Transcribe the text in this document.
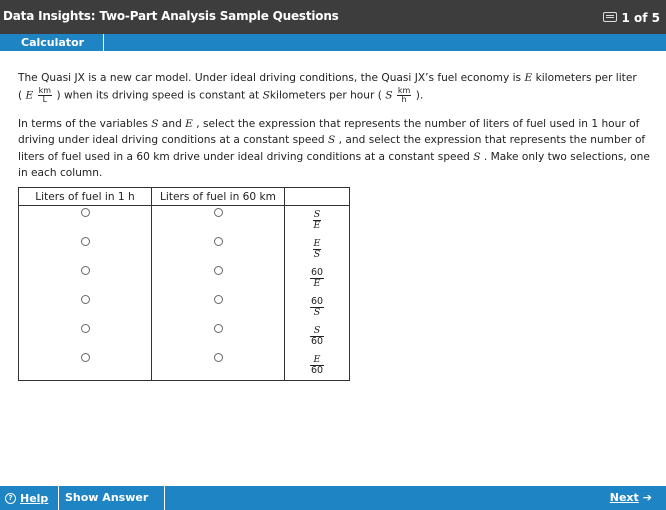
Data Insights: Two-Part Analysis Sample Questions	1 of 5
Calculator

The Quasi JX is a new car model. Under ideal driving conditions, the Quasi JX’s fuel economy is E kilometers per liter
( E $\frac{km}{L}$ ) when its driving speed is constant at Skilometers per hour ( S $\frac{km}{h}$ ).

In terms of the variables S and E , select the expression that represents the number of liters of fuel used in 1 hour of driving under ideal driving conditions at a constant speed S , and select the expression that represents the number of liters of fuel used in a 60 km drive under ideal driving conditions at a constant speed S . Make only two selections, one in each column.

Liters of fuel in 1 h	Liters of fuel in 60 km	

		$\frac{S}{E}$

		$\frac{E}{S}$

		$\frac{60}{E}$

		$\frac{60}{S}$

		$\frac{S}{60}$

		$\frac{E}{60}$
? Help	Show Answer	Next ➔
